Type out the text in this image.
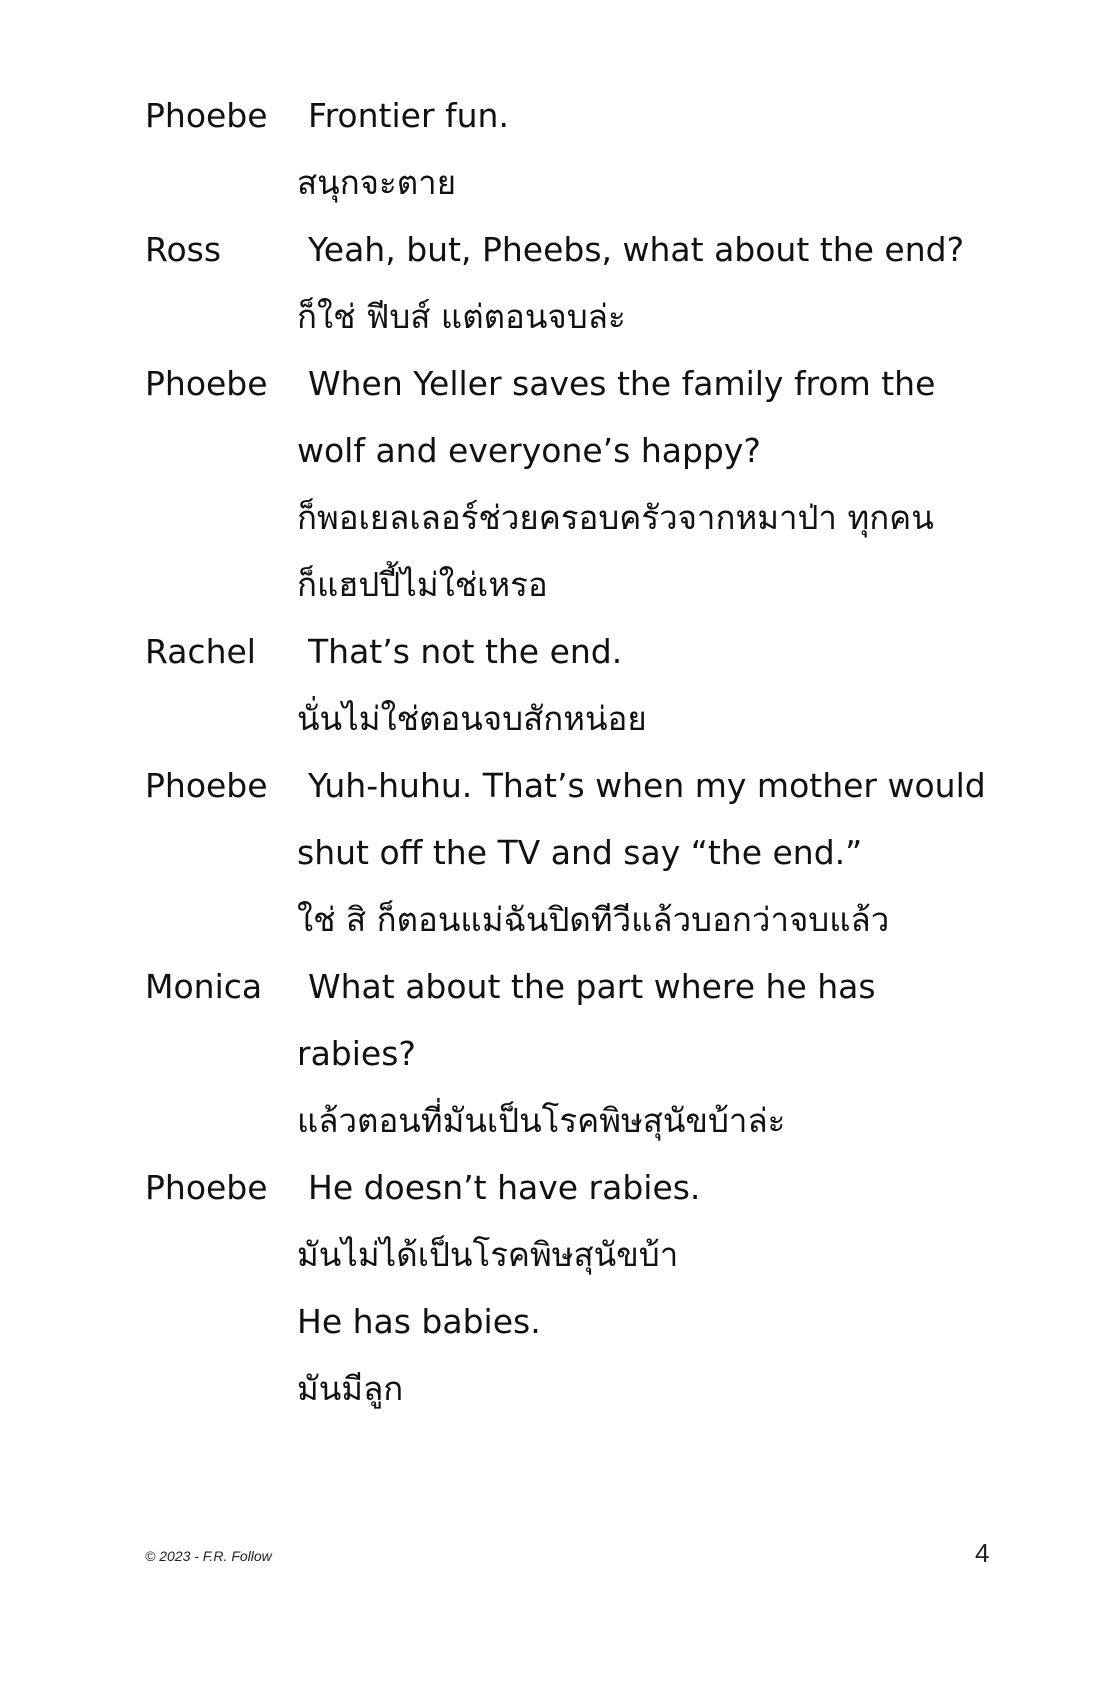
Phoebe Frontier fun.
สนุกจะตาย
Ross	Yeah, but, Pheebs, what about the end?
ก็ใช่ ฟีบส์ แต่ตอนจบล่ะ
Phoebe When Yeller saves the family from the
wolf and everyone’s happy?
ก็พอเยลเลอร์ช่วยครอบครัวจากหมาป่า ทุกคน
ก็แฮปปี้ไม่ใช่เหรอ
Rachel That’s not the end.
นั่นไม่ใช่ตอนจบสักหน่อย
Phoebe Yuh-huhu. That’s when my mother would
shut off the TV and say “the end.”
ใช่ สิ ก็ตอนแม่ฉันปิดทีวีแล้วบอกว่าจบแล้ว
Monica What about the part where he has
rabies?
แล้วตอนที่มันเป็นโรคพิษสุนัขบ้าล่ะ
Phoebe He doesn’t have rabies.
มันไม่ได้เป็นโรคพิษสุนัขบ้า
He has babies.
มันมีลูก
© 2023 - F.R. Follow	4
